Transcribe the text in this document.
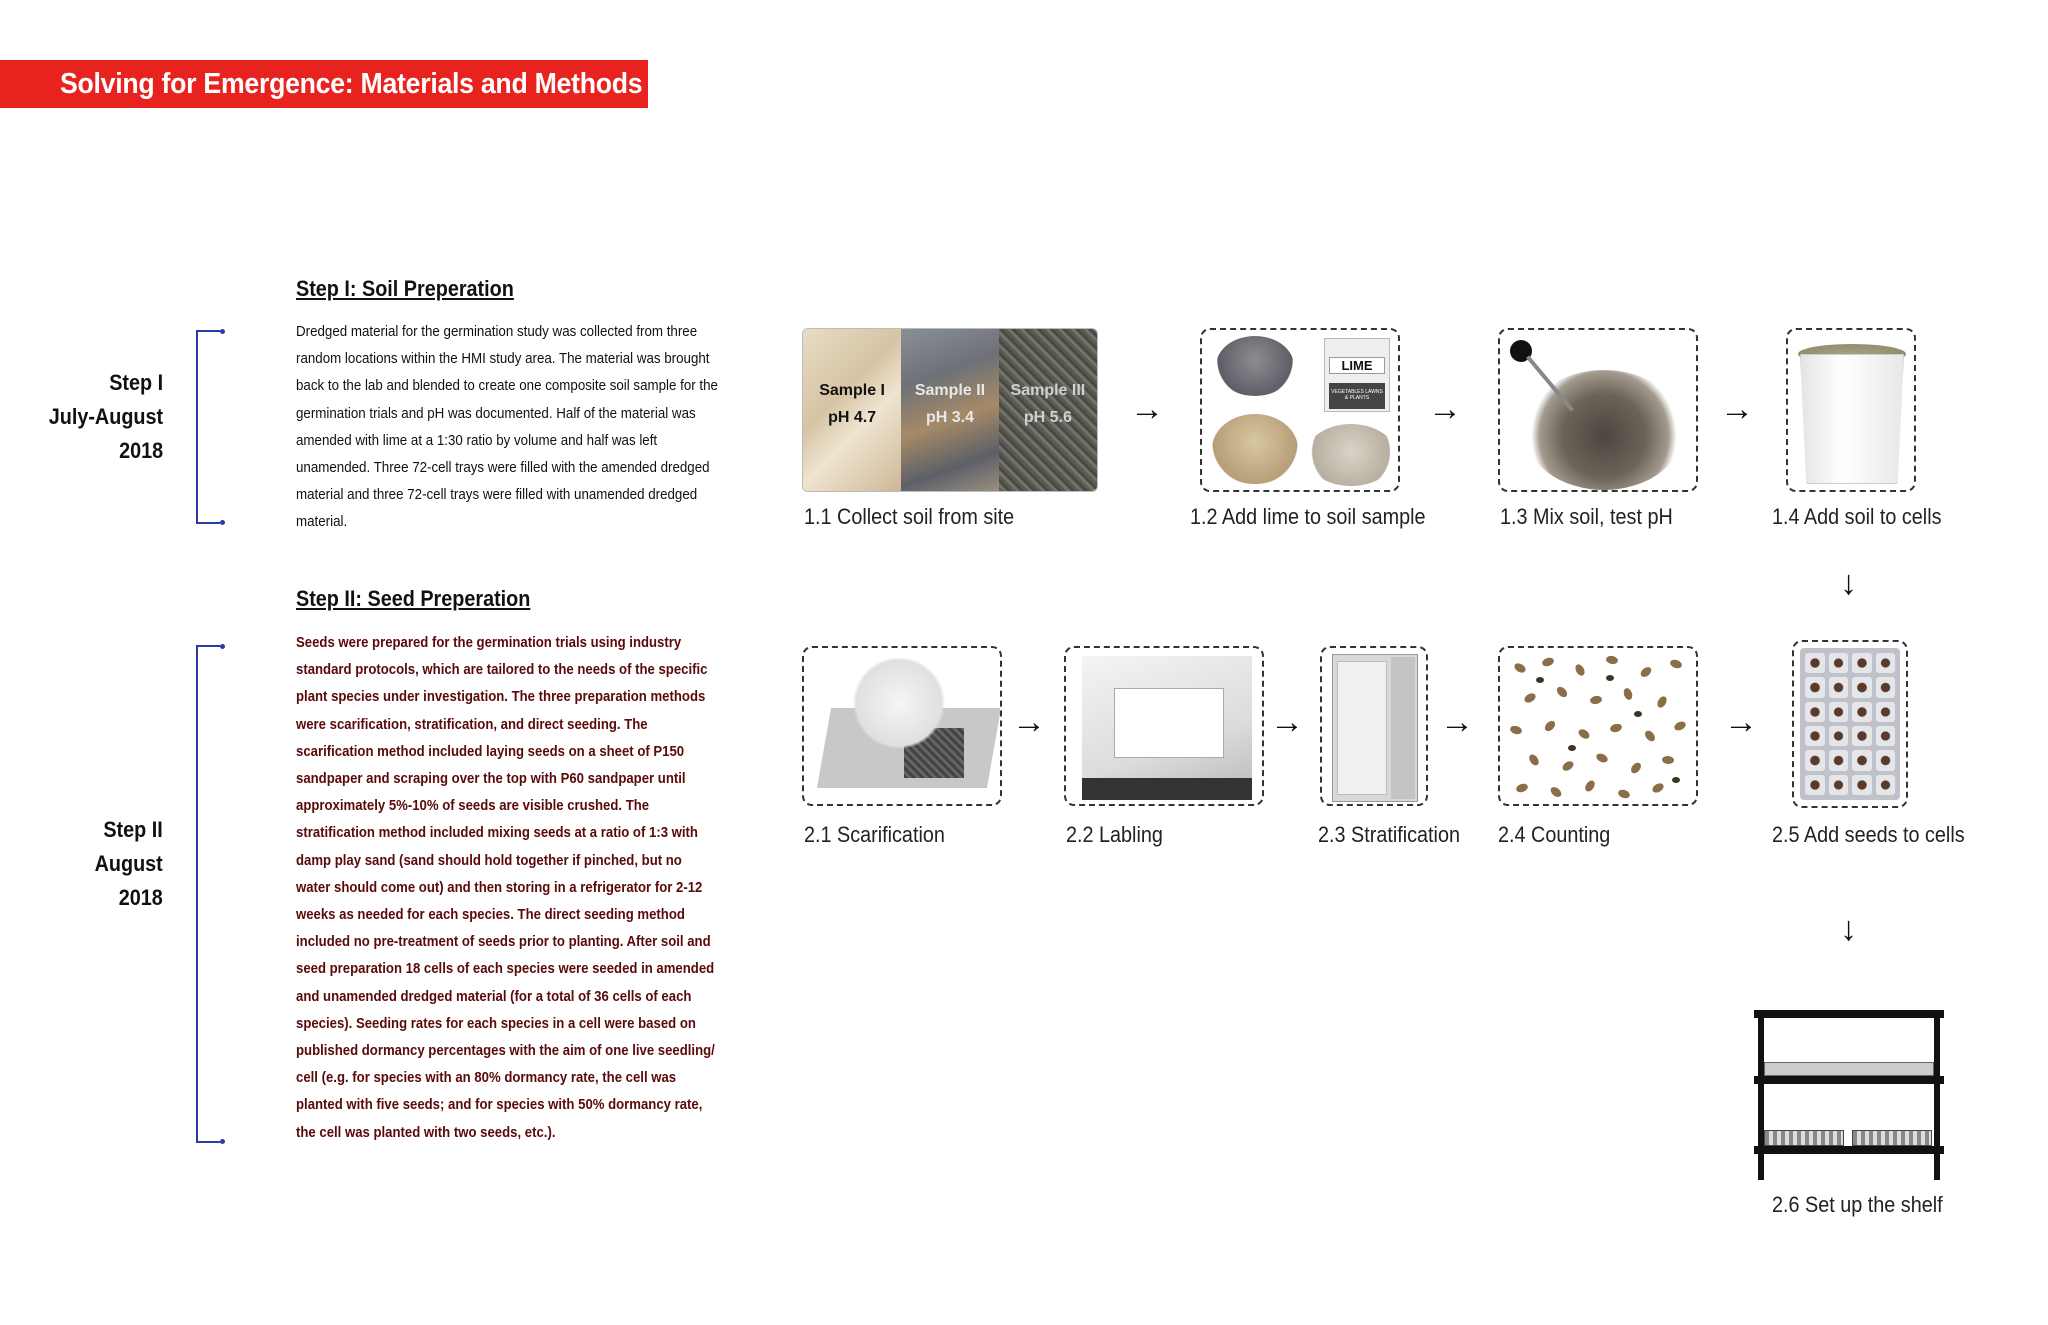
Solving for Emergence: Materials and Methods
Step I
July-August
2018
Step II
August
2018
Step I: Soil Preperation
Dredged material for the germination study was collected from three random locations within the HMI study area. The material was brought back to the lab and blended to create one composite soil sample for the germination trials and pH was documented. Half of the material was amended with lime at a 1:30 ratio by volume and half was left unamended. Three 72-cell trays were filled with the amended dredged material and three 72-cell trays were filled with unamended dredged material.
Step II: Seed Preperation
Seeds were prepared for the germination trials using industry standard protocols, which are tailored to the needs of the specific plant species under investigation. The three preparation methods were scarification, stratification, and direct seeding. The scarification method included laying seeds on a sheet of P150 sandpaper and scraping over the top with P60 sandpaper until approximately 5%-10% of seeds are visible crushed. The stratification method included mixing seeds at a ratio of 1:3 with damp play sand (sand should hold together if pinched, but no water should come out) and then storing in a refrigerator for 2-12 weeks as needed for each species. The direct seeding method included no pre-treatment of seeds prior to planting. After soil and seed preparation 18 cells of each species were seeded in amended and unamended dredged material (for a total of 36 cells of each species). Seeding rates for each species in a cell were based on published dormancy percentages with the aim of one live seedling/ cell (e.g. for species with an 80% dormancy rate, the cell was planted with five seeds; and for species with 50% dormancy rate, the cell was planted with two seeds, etc.).
Sample I
pH 4.7
Sample II
pH 3.4
Sample III
pH 5.6
1.1 Collect soil from site
→
LIME
VEGETABLES LAWNS & PLANTS
1.2 Add lime to soil sample
→
1.3 Mix soil, test pH
→
1.4 Add soil to cells
↓
2.1 Scarification
→
2.2 Labling
→
2.3 Stratification
→
2.4 Counting
→
2.5 Add seeds to cells
↓
2.6 Set up the shelf
